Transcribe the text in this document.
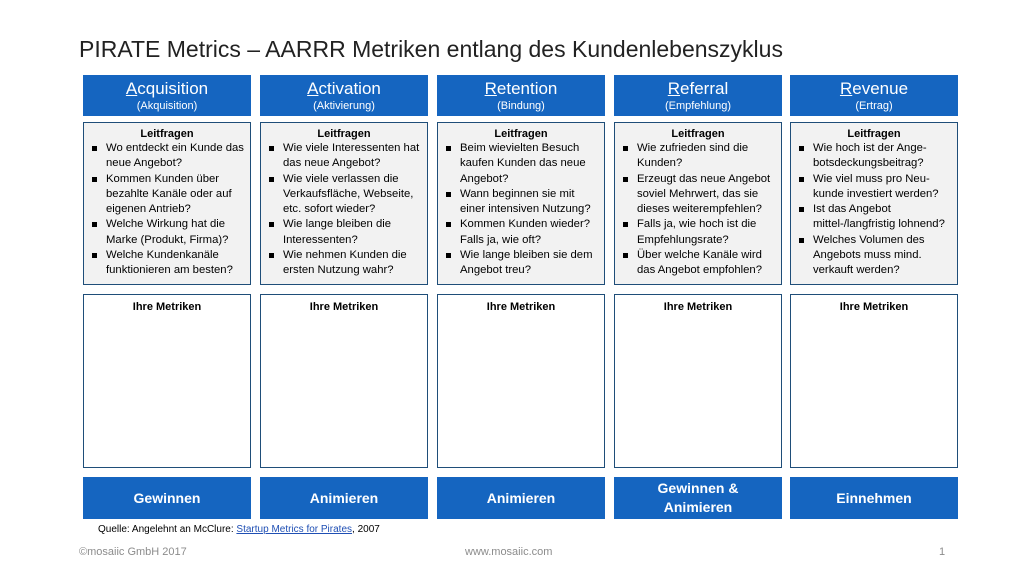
PIRATE Metrics – AARRR Metriken entlang des Kundenlebenszyklus
Acquisition
(Akquisition)
Leitfragen
Wo entdeckt ein Kunde das neue Angebot?
Kommen Kunden über bezahlte Kanäle oder auf eigenen Antrieb?
Welche Wirkung hat die Marke (Produkt, Firma)?
Welche Kundenkanäle funktionieren am besten?
Ihre Metriken
Gewinnen
Activation
(Aktivierung)
Leitfragen
Wie viele Interessenten hat das neue Angebot?
Wie viele verlassen die Verkaufsfläche, Webseite, etc. sofort wieder?
Wie lange bleiben die Interessenten?
Wie nehmen Kunden die ersten Nutzung wahr?
Ihre Metriken
Animieren
Retention
(Bindung)
Leitfragen
Beim wievielten Besuch kaufen Kunden das neue Angebot?
Wann beginnen sie mit einer intensiven Nutzung?
Kommen Kunden wieder? Falls ja, wie oft?
Wie lange bleiben sie dem Angebot treu?
Ihre Metriken
Animieren
Referral
(Empfehlung)
Leitfragen
Wie zufrieden sind die Kunden?
Erzeugt das neue Angebot soviel Mehrwert, das sie dieses weiterempfehlen?
Falls ja, wie hoch ist die Empfehlungsrate?
Über welche Kanäle wird das Angebot empfohlen?
Ihre Metriken
Gewinnen & Animieren
Revenue
(Ertrag)
Leitfragen
Wie hoch ist der Ange-botsdeckungsbeitrag?
Wie viel muss pro Neu-kunde investiert werden?
Ist das Angebot mittel-/langfristig lohnend?
Welches Volumen des Angebots muss mind. verkauft werden?
Ihre Metriken
Einnehmen
Quelle: Angelehnt an McClure: Startup Metrics for Pirates, 2007
©mosaiic GmbH 2017	www.mosaiic.com	1
